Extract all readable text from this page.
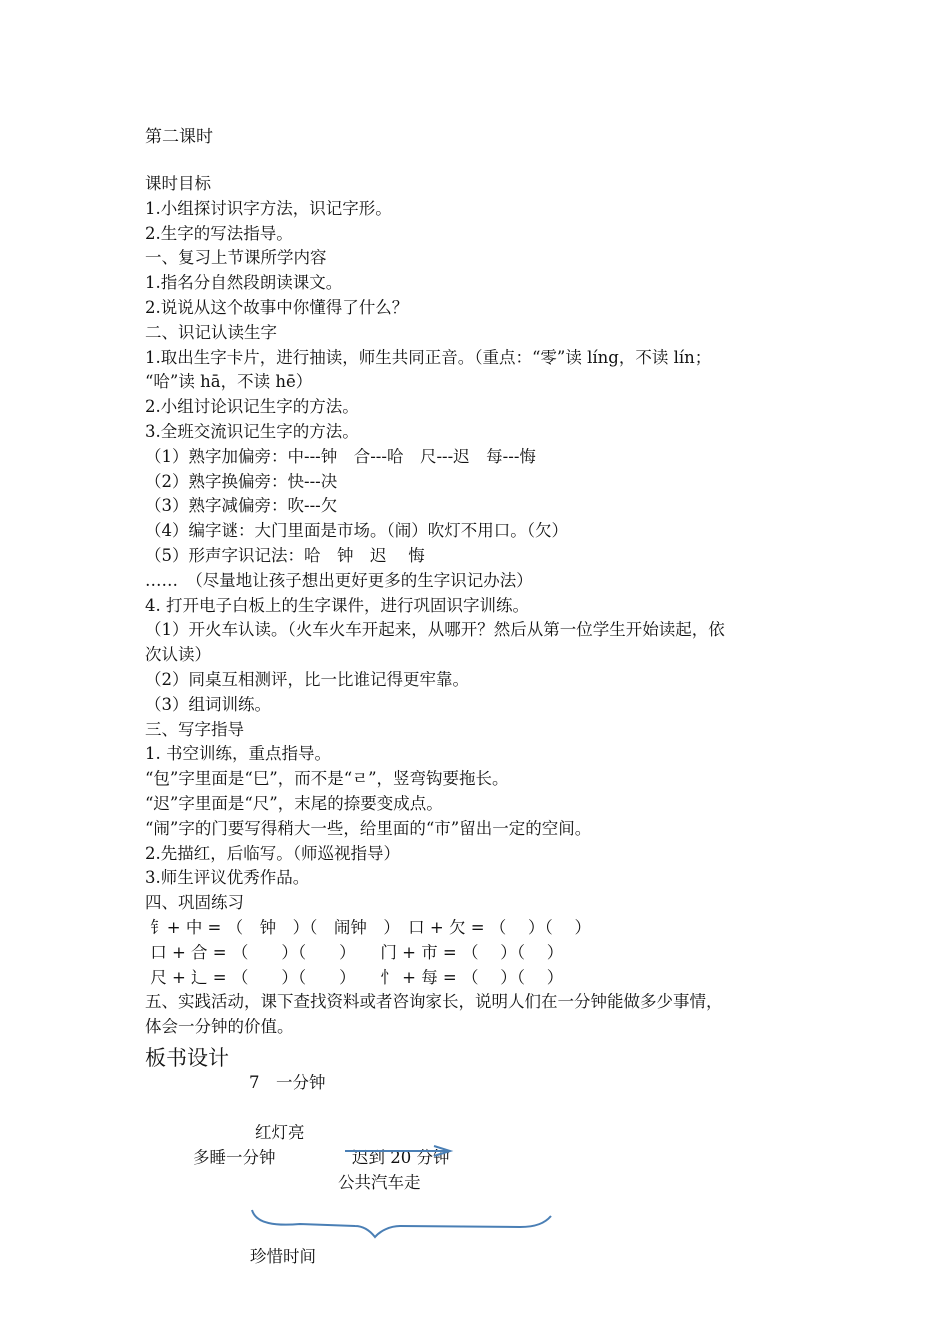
第二课时
课时目标
1.小组探讨识字方法，识记字形。
2.生字的写法指导。
一、复习上节课所学内容
1.指名分自然段朗读课文。
2.说说从这个故事中你懂得了什么？
二、识记认读生字
1.取出生字卡片，进行抽读，师生共同正音。（重点：“零”读 líng，不读 lín；
“哈”读 hā，不读 hē）
2.小组讨论识记生字的方法。
3.全班交流识记生字的方法。
（1）熟字加偏旁：中---钟　合---哈　尺---迟　每---悔
（2）熟字换偏旁：快---决
（3）熟字减偏旁：吹---欠
（4）编字谜：大门里面是市场。（闹）吹灯不用口。（欠）
（5）形声字识记法：哈　钟　迟　 悔
……　（尽量地让孩子想出更好更多的生字识记办法）
4. 打开电子白板上的生字课件，进行巩固识字训练。
（1）开火车认读。（火车火车开起来，从哪开？然后从第一位学生开始读起，依
次认读）
（2）同桌互相测评，比一比谁记得更牢靠。
（3）组词训练。
三、写字指导
1. 书空训练，重点指导。
“包”字里面是“巳”，而不是“ㄹ”，竖弯钩要拖长。
“迟”字里面是“尺”，末尾的捺要变成点。
“闹”字的门要写得稍大一些，给里面的“市”留出一定的空间。
2.先描红，后临写。（师巡视指导）
3.师生评议优秀作品。
四、巩固练习
钅+ 中 = （　钟　）（　闹钟　）　口 + 欠 = （　 ）（　 ）
口 + 合 = （　　）（　　）　　门 + 市 = （　 ）（　 ）
尺 + 辶 = （　　）（　　）　　忄 + 每 = （　 ）（　 ）
五、实践活动，课下查找资料或者咨询家长，说明人们在一分钟能做多少事情，
体会一分钟的价值。
板书设计
7　一分钟
红灯亮
多睡一分钟	迟到 20 分钟
公共汽车走
珍惜时间
